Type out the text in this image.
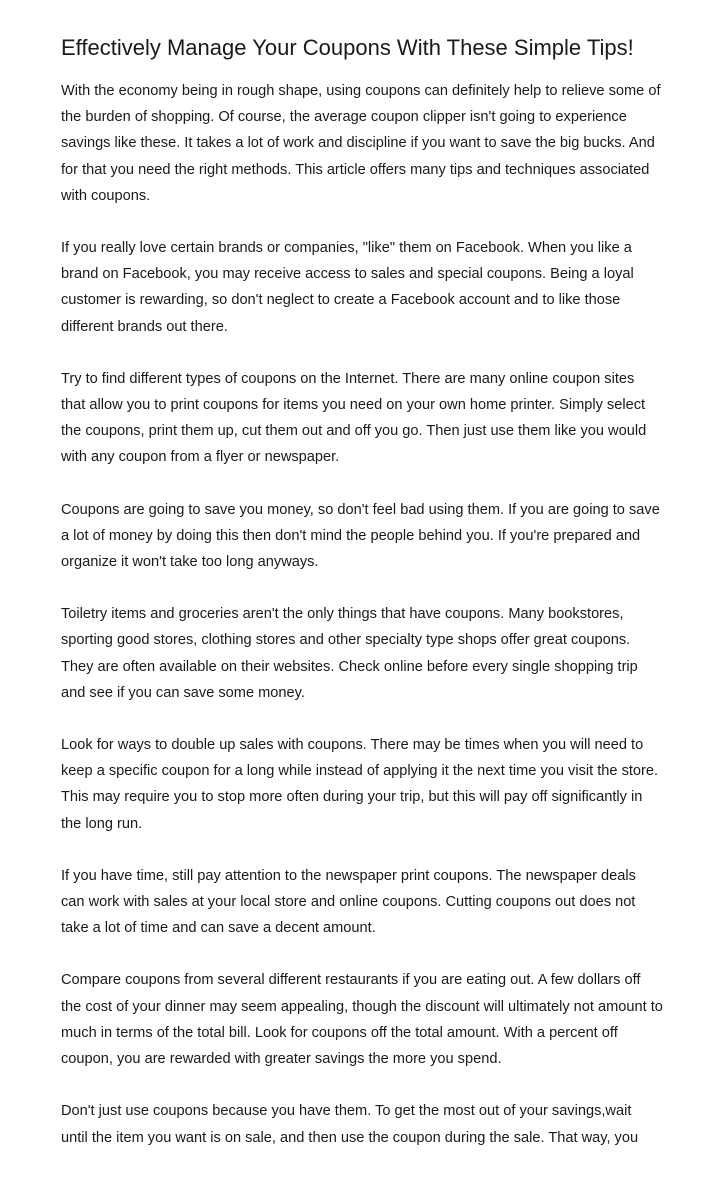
Effectively Manage Your Coupons With These Simple Tips!

With the economy being in rough shape, using coupons can definitely help to relieve some of
the burden of shopping. Of course, the average coupon clipper isn't going to experience
savings like these. It takes a lot of work and discipline if you want to save the big bucks. And
for that you need the right methods. This article offers many tips and techniques associated
with coupons.

If you really love certain brands or companies, "like" them on Facebook. When you like a
brand on Facebook, you may receive access to sales and special coupons. Being a loyal
customer is rewarding, so don't neglect to create a Facebook account and to like those
different brands out there.

Try to find different types of coupons on the Internet. There are many online coupon sites
that allow you to print coupons for items you need on your own home printer. Simply select
the coupons, print them up, cut them out and off you go. Then just use them like you would
with any coupon from a flyer or newspaper.

Coupons are going to save you money, so don't feel bad using them. If you are going to save
a lot of money by doing this then don't mind the people behind you. If you're prepared and
organize it won't take too long anyways.

Toiletry items and groceries aren't the only things that have coupons. Many bookstores,
sporting good stores, clothing stores and other specialty type shops offer great coupons.
They are often available on their websites. Check online before every single shopping trip
and see if you can save some money.

Look for ways to double up sales with coupons. There may be times when you will need to
keep a specific coupon for a long while instead of applying it the next time you visit the store.
This may require you to stop more often during your trip, but this will pay off significantly in
the long run.

If you have time, still pay attention to the newspaper print coupons. The newspaper deals
can work with sales at your local store and online coupons. Cutting coupons out does not
take a lot of time and can save a decent amount.

Compare coupons from several different restaurants if you are eating out. A few dollars off
the cost of your dinner may seem appealing, though the discount will ultimately not amount to
much in terms of the total bill. Look for coupons off the total amount. With a percent off
coupon, you are rewarded with greater savings the more you spend.

Don't just use coupons because you have them. To get the most out of your savings,wait
until the item you want is on sale, and then use the coupon during the sale. That way, you
